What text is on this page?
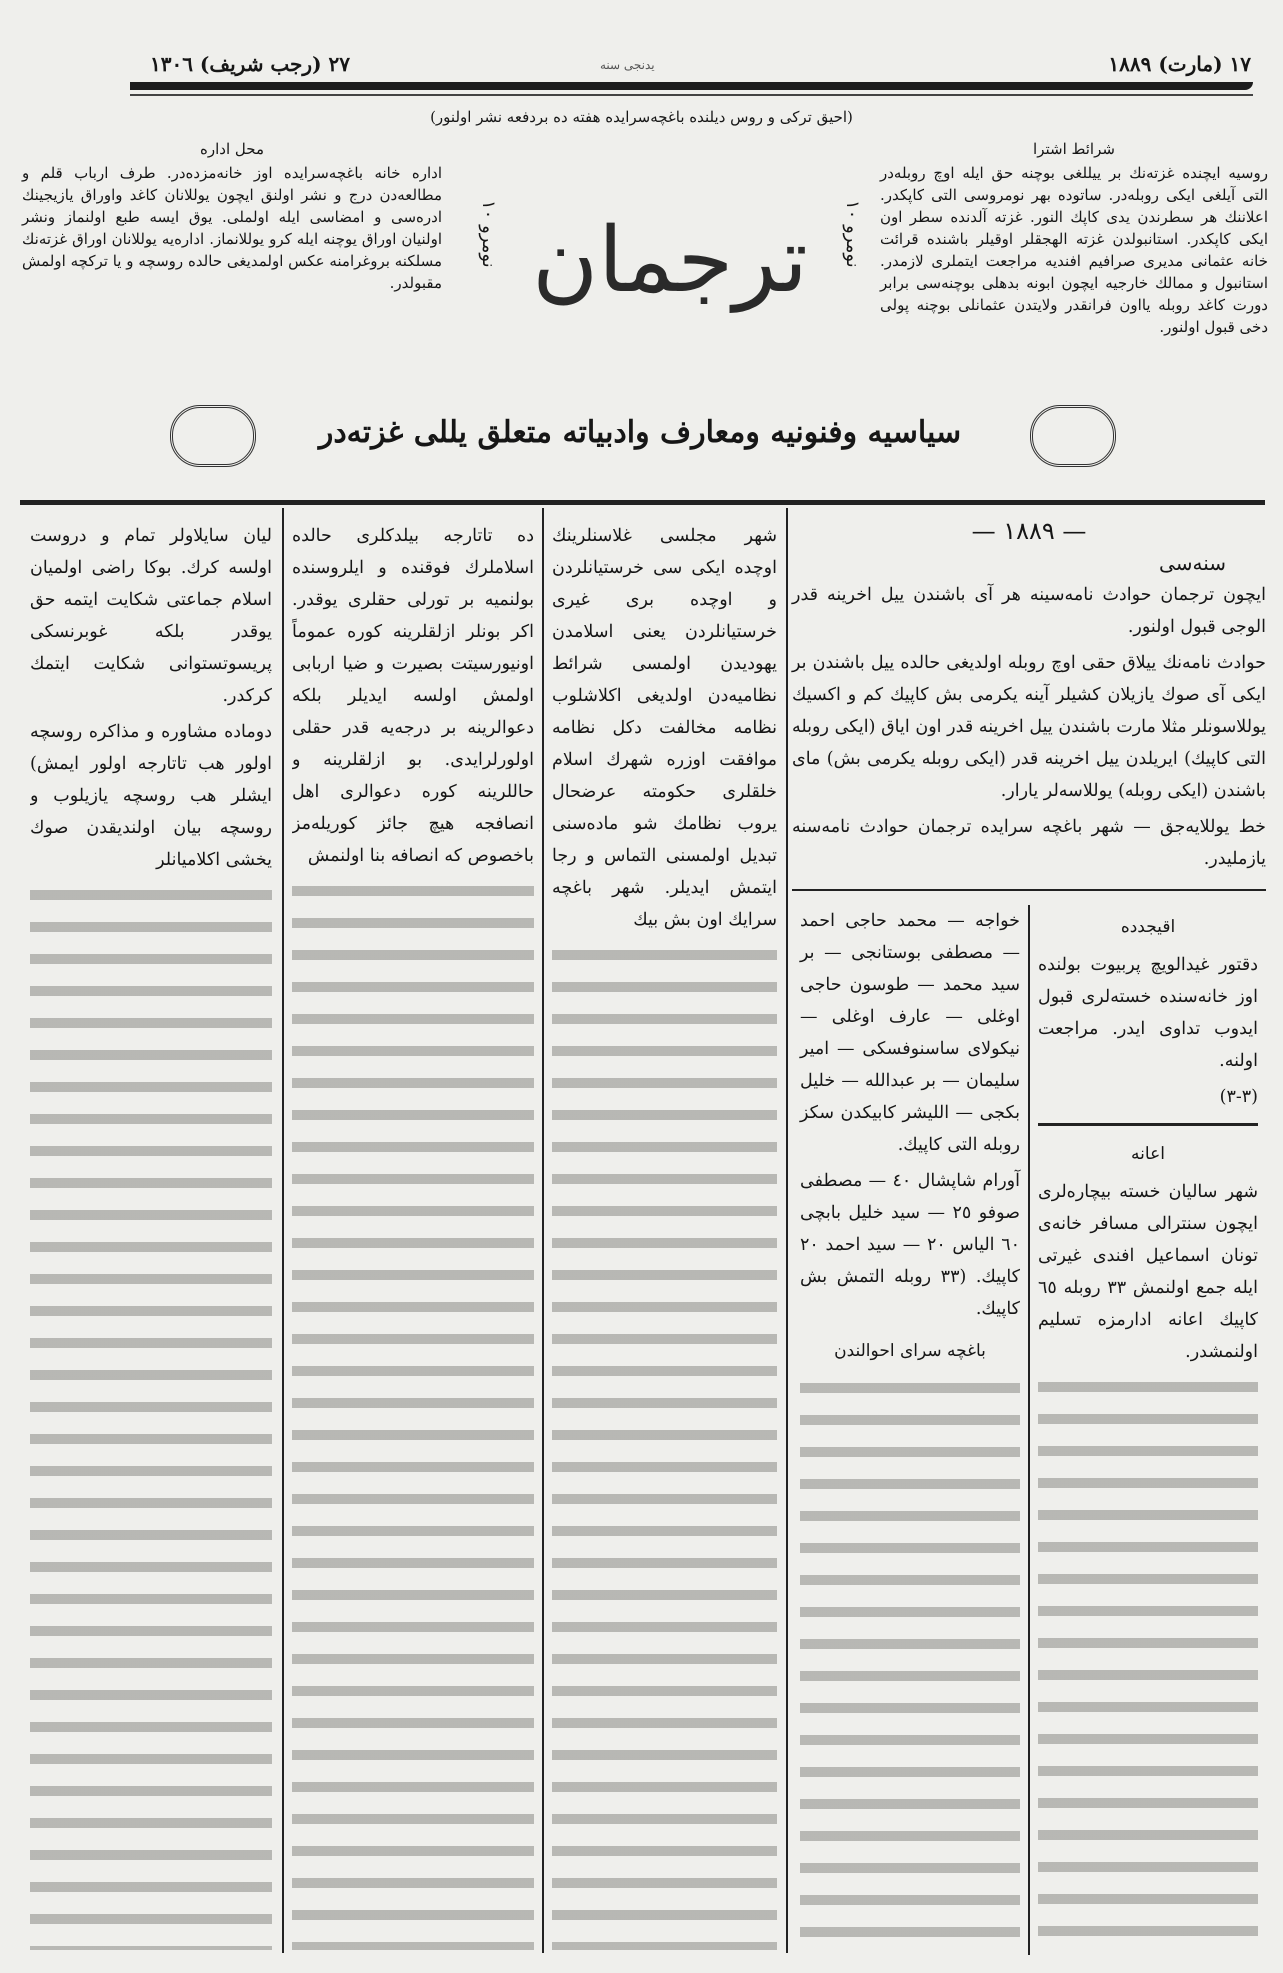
١٧ (مارت) ١٨٨٩
٢٧ (رجب شريف) ١٣٠٦	يدنجى سنه
(احيق تركى و روس ديلنده باغچه‌سرايده هفته ده بردفعه نشر اولنور)
شرائط اشترا
روسيه ايچنده غزته‌نك بر ييللغى بوچنه حق ايله اوچ روبله‌در التى آيلغى ايكى روبله‌در. ساتوده بهر نومروسى التى كاپكدر. اعلاننك هر سطرندن يدى كاپك النور. غزته آلدنده سطر اون ايكى كاپكدر. استانبولدن غزته الهجقلر اوقيلر باشنده قرائت خانه عثمانى مديرى صرافيم افنديه مراجعت ايتملرى لازمدر. استانبول و ممالك خارجيه ايچون ابونه بدهلى بوچنه‌سى برابر دورت كاغد روبله يااون فرانقدر ولايتدن عثمانلى بوچنه پولى دخى قبول اولنور.
محل اداره
اداره خانه باغچه‌سرايده اوز خانه‌مزده‌در. طرف ارباب قلم و مطالعه‌دن درج و نشر اولنق ايچون يوللانان كاغد واوراق يازيجينك ادره‌سى و امضاسى ايله اولملى. يوق ايسه طبع اولنماز ونشر اولنيان اوراق يوچنه ايله كرو يوللانماز. اداره‌يه يوللانان اوراق غزته‌نك مسلكنه بروغرامنه عكس اولمديغى حالده روسچه و يا تركچه اولمش مقبولدر.
نومرو ١٠
نومرو ١٠
ترجمان
سياسيه وفنونيه ومعارف وادبياته متعلق يللى غزته‌در
— ١٨٨٩ —
سنه‌سى

ايچون ترجمان حوادث نامه‌سينه هر آى باشندن ييل اخرينه قدر الوجى قبول اولنور.

حوادث نامه‌نك ييلاق حقى اوچ روبله اولديغى حالده ييل باشندن بر ايكى آى صوك يازيلان كشيلر آينه يكرمى بش كاپيك كم و اكسيك يوللاسونلر مثلا مارت باشندن ييل اخرينه قدر اون اياق (ايكى روبله التى كاپيك) ايريلدن ييل اخرينه قدر (ايكى روبله يكرمى بش) ماى باشندن (ايكى روبله) يوللاسه‌لر يارار.

خط يوللايه‌جق — شهر باغچه سرايده ترجمان حوادث نامه‌سنه يازمليدر.

اقيجدده

دقتور غيدالويچ پربيوت بولنده اوز خانه‌سنده خسته‌لرى قبول ايدوب تداوى ايدر. مراجعت اولنه.

(٣-٣)

اعانه

شهر ساليان خسته بيچاره‌لرى ايچون سنترالى مسافر خانه‌ى تونان اسماعيل افندى غيرتى ايله جمع اولنمش ٣٣ روبله ٦٥ كاپيك اعانه ادارمزه تسليم اولنمشدر.

خواجه — محمد حاجى احمد — مصطفى بوستانجى — بر سيد محمد — طوسون حاجى اوغلى — عارف اوغلى — نيكولاى ساسنوفسكى — امير سليمان — بر عبدالله — خليل بكجى — الليشر كابيكدن سكز روبله التى كاپيك.

آورام شاپشال ٤٠ — مصطفى صوفو ٢٥ — سيد خليل بابچى ٦٠ الياس ٢٠ — سيد احمد ٢٠ كاپيك. (٣٣ روبله التمش بش كاپيك.

باغچه سراى احوالندن

شهر مجلسى غلاسنلرينك اوچده ايكى سى خرستيانلردن و اوچده برى غيرى خرستيانلردن يعنى اسلامدن يهوديدن اولمسى شرائط نظاميه‌دن اولديغى اكلاشلوب نظامه مخالفت دكل نظامه موافقت اوزره شهرك اسلام خلقلرى حكومته عرضحال يروب نظامك شو ماده‌سنى تبديل اولمسنى التماس و رجا ايتمش ايديلر. شهر باغچه سرايك اون بش بيك

ده تاتارجه بيلدكلرى حالده اسلاملرك فوقنده و ايلروسنده بولنميه بر تورلى حقلرى يوقدر. اكر بونلر ازلقلرينه كوره عموماً اونيورسيتت بصيرت و ضيا اربابى اولمش اولسه ايديلر بلكه دعوالرينه بر درجه‌يه قدر حقلى اولورلرايدى. بو ازلقلرينه و حاللرينه كوره دعوالرى اهل انصافجه هيچ جائز كوريله‌مز باخصوص كه انصافه بنا اولنمش

ليان سايلاولر تمام و دروست اولسه كرك. بوكا راضى اولميان اسلام جماعتى شكايت ايتمه حق يوقدر بلكه غوبرنسكى پريسوتستوانى شكايت ايتمك كركدر.

دوماده مشاوره و مذاكره روسچه اولور هب تاتارجه اولور ايمش) ايشلر هب روسچه يازيلوب و روسچه بيان اولنديقدن صوك يخشى اكلاميانلر
